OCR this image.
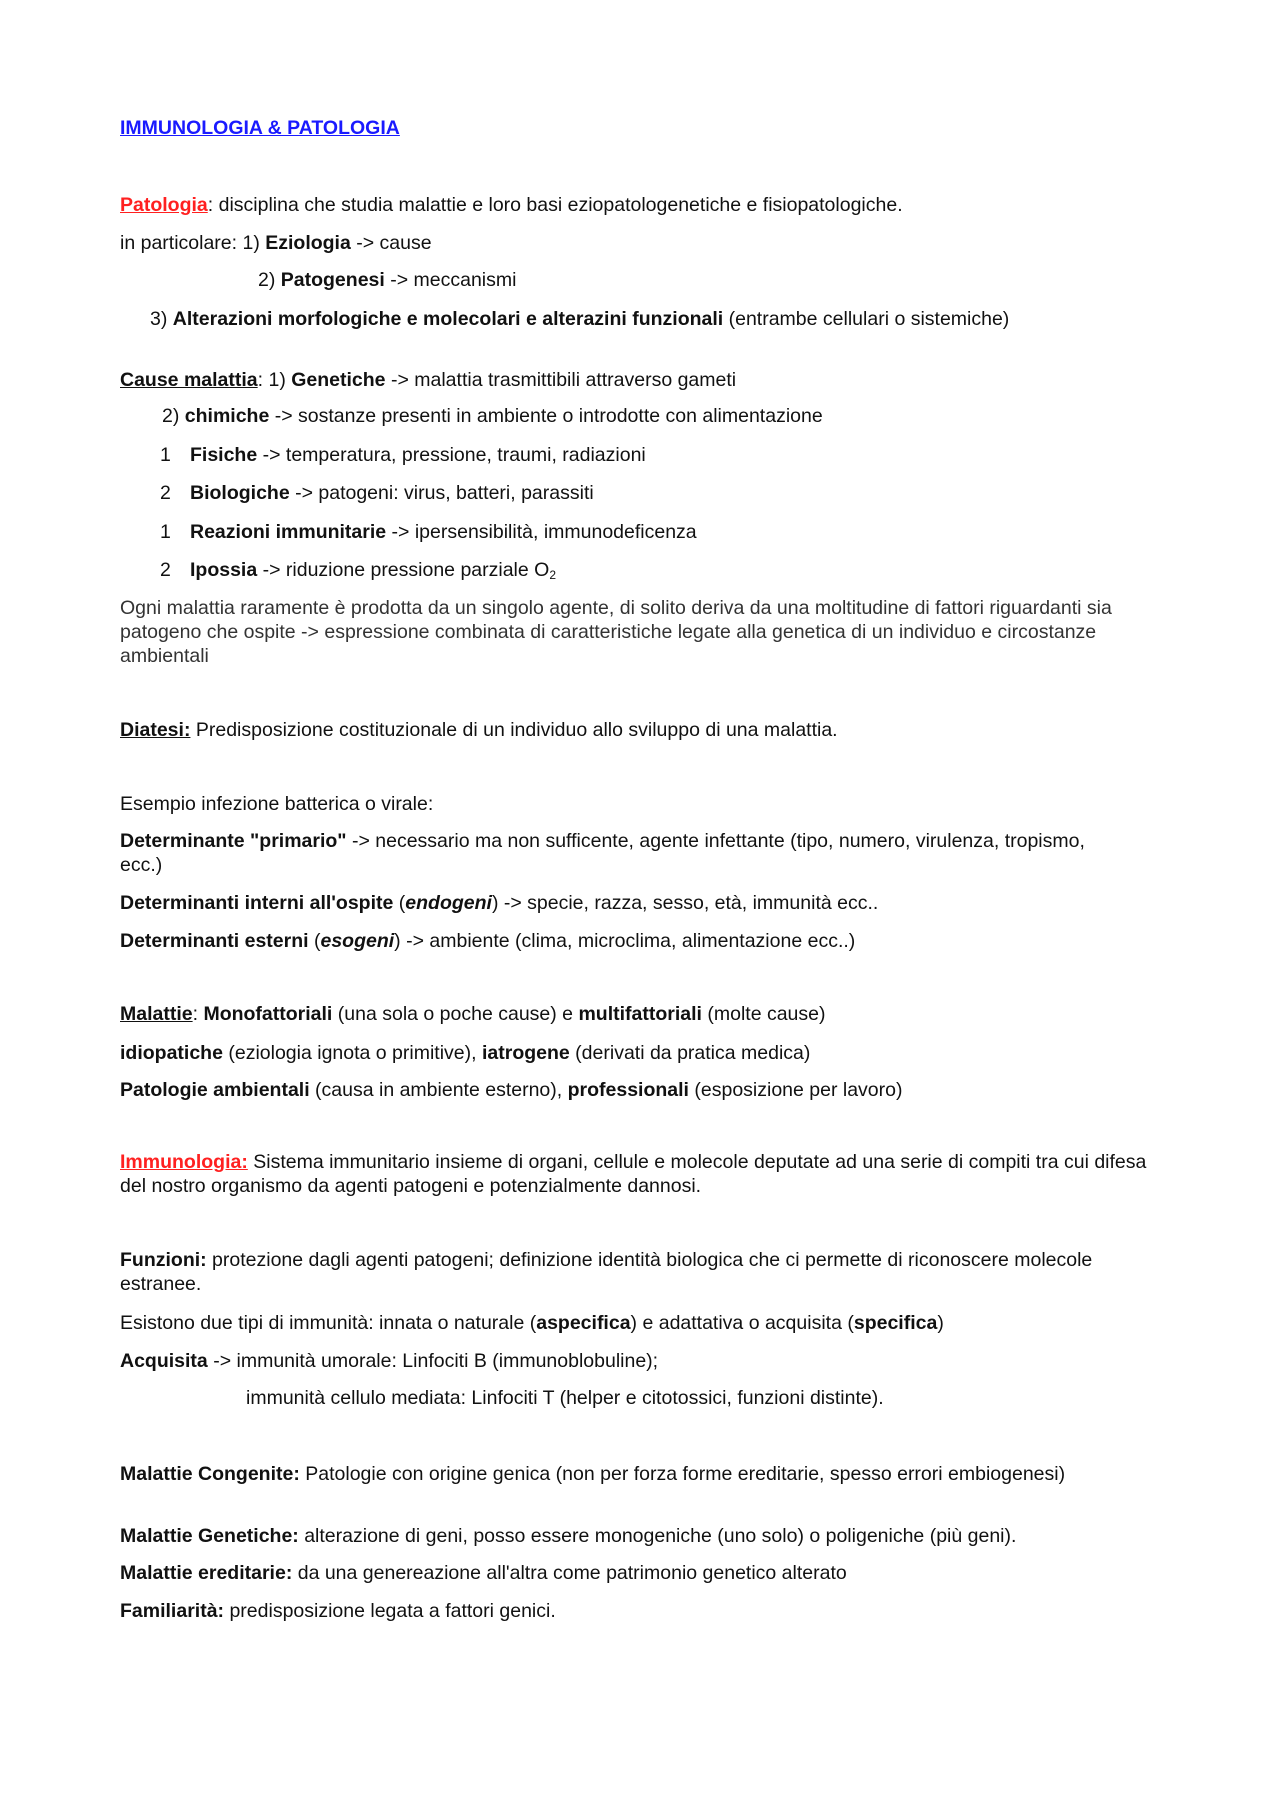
IMMUNOLOGIA & PATOLOGIA
Patologia: disciplina che studia malattie e loro basi eziopatologenetiche e fisiopatologiche.
in particolare: 1) Eziologia -> cause
2) Patogenesi -> meccanismi
3) Alterazioni morfologiche e molecolari e alterazini funzionali (entrambe cellulari o sistemiche)
Cause malattia: 1) Genetiche -> malattia trasmittibili attraverso gameti
2) chimiche -> sostanze presenti in ambiente o introdotte con alimentazione
1 Fisiche -> temperatura, pressione, traumi, radiazioni
2 Biologiche -> patogeni: virus, batteri, parassiti
1 Reazioni immunitarie -> ipersensibilità, immunodeficenza
2 Ipossia -> riduzione pressione parziale $O_2$
Ogni malattia raramente è prodotta da un singolo agente, di solito deriva da una moltitudine di fattori riguardanti sia patogeno che ospite -> espressione combinata di caratteristiche legate alla genetica di un individuo e circostanze ambientali
Diatesi: Predisposizione costituzionale di un individuo allo sviluppo di una malattia.
Esempio infezione batterica o virale:
Determinante "primario" -> necessario ma non sufficente, agente infettante (tipo, numero, virulenza, tropismo, ecc.)
Determinanti interni all'ospite (endogeni) -> specie, razza, sesso, età, immunità ecc..
Determinanti esterni (esogeni) -> ambiente (clima, microclima, alimentazione ecc..)
Malattie: Monofattoriali (una sola o poche cause) e multifattoriali (molte cause)
idiopatiche (eziologia ignota o primitive), iatrogene (derivati da pratica medica)
Patologie ambientali (causa in ambiente esterno), professionali (esposizione per lavoro)
Immunologia: Sistema immunitario insieme di organi, cellule e molecole deputate ad una serie di compiti tra cui difesa del nostro organismo da agenti patogeni e potenzialmente dannosi.
Funzioni: protezione dagli agenti patogeni; definizione identità biologica che ci permette di riconoscere molecole estranee.
Esistono due tipi di immunità: innata o naturale (aspecifica) e adattativa o acquisita (specifica)
Acquisita -> immunità umorale: Linfociti B (immunoblobuline);
immunità cellulo mediata: Linfociti T (helper e citotossici, funzioni distinte).
Malattie Congenite: Patologie con origine genica (non per forza forme ereditarie, spesso errori embiogenesi)
Malattie Genetiche: alterazione di geni, posso essere monogeniche (uno solo) o poligeniche (più geni).
Malattie ereditarie: da una genereazione all'altra come patrimonio genetico alterato
Familiarità: predisposizione legata a fattori genici.
